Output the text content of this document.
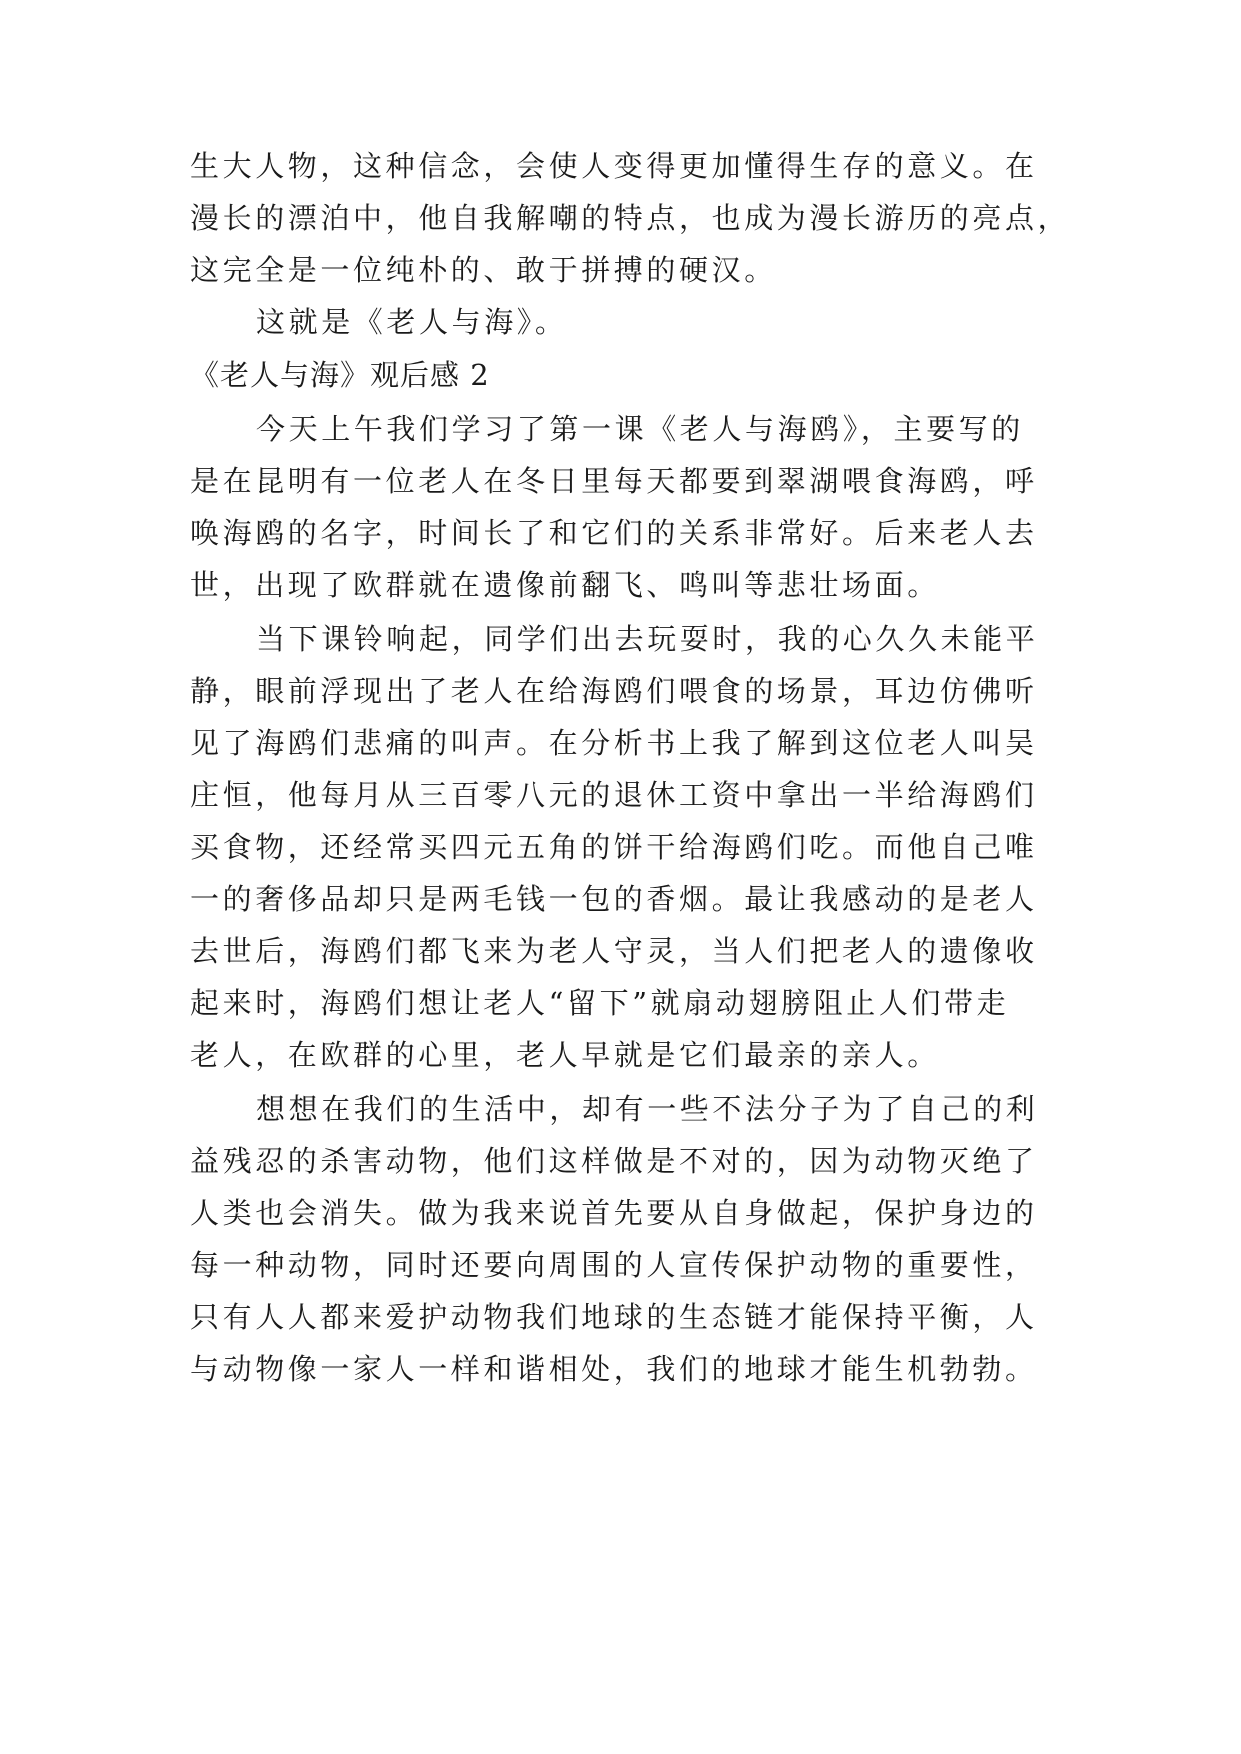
生大人物，这种信念，会使人变得更加懂得生存的意义。在
漫长的漂泊中，他自我解嘲的特点，也成为漫长游历的亮点，
这完全是一位纯朴的、敢于拼搏的硬汉。
这就是《老人与海》。
《老人与海》观后感 2
今天上午我们学习了第一课《老人与海鸥》，主要写的
是在昆明有一位老人在冬日里每天都要到翠湖喂食海鸥，呼
唤海鸥的名字，时间长了和它们的关系非常好。后来老人去
世，出现了欧群就在遗像前翻飞、鸣叫等悲壮场面。
当下课铃响起，同学们出去玩耍时，我的心久久未能平
静，眼前浮现出了老人在给海鸥们喂食的场景，耳边仿佛听
见了海鸥们悲痛的叫声。在分析书上我了解到这位老人叫吴
庄恒，他每月从三百零八元的退休工资中拿出一半给海鸥们
买食物，还经常买四元五角的饼干给海鸥们吃。而他自己唯
一的奢侈品却只是两毛钱一包的香烟。最让我感动的是老人
去世后，海鸥们都飞来为老人守灵，当人们把老人的遗像收
起来时，海鸥们想让老人“留下”就扇动翅膀阻止人们带走
老人，在欧群的心里，老人早就是它们最亲的亲人。
想想在我们的生活中，却有一些不法分子为了自己的利
益残忍的杀害动物，他们这样做是不对的，因为动物灭绝了
人类也会消失。做为我来说首先要从自身做起，保护身边的
每一种动物，同时还要向周围的人宣传保护动物的重要性，
只有人人都来爱护动物我们地球的生态链才能保持平衡，人
与动物像一家人一样和谐相处，我们的地球才能生机勃勃。
